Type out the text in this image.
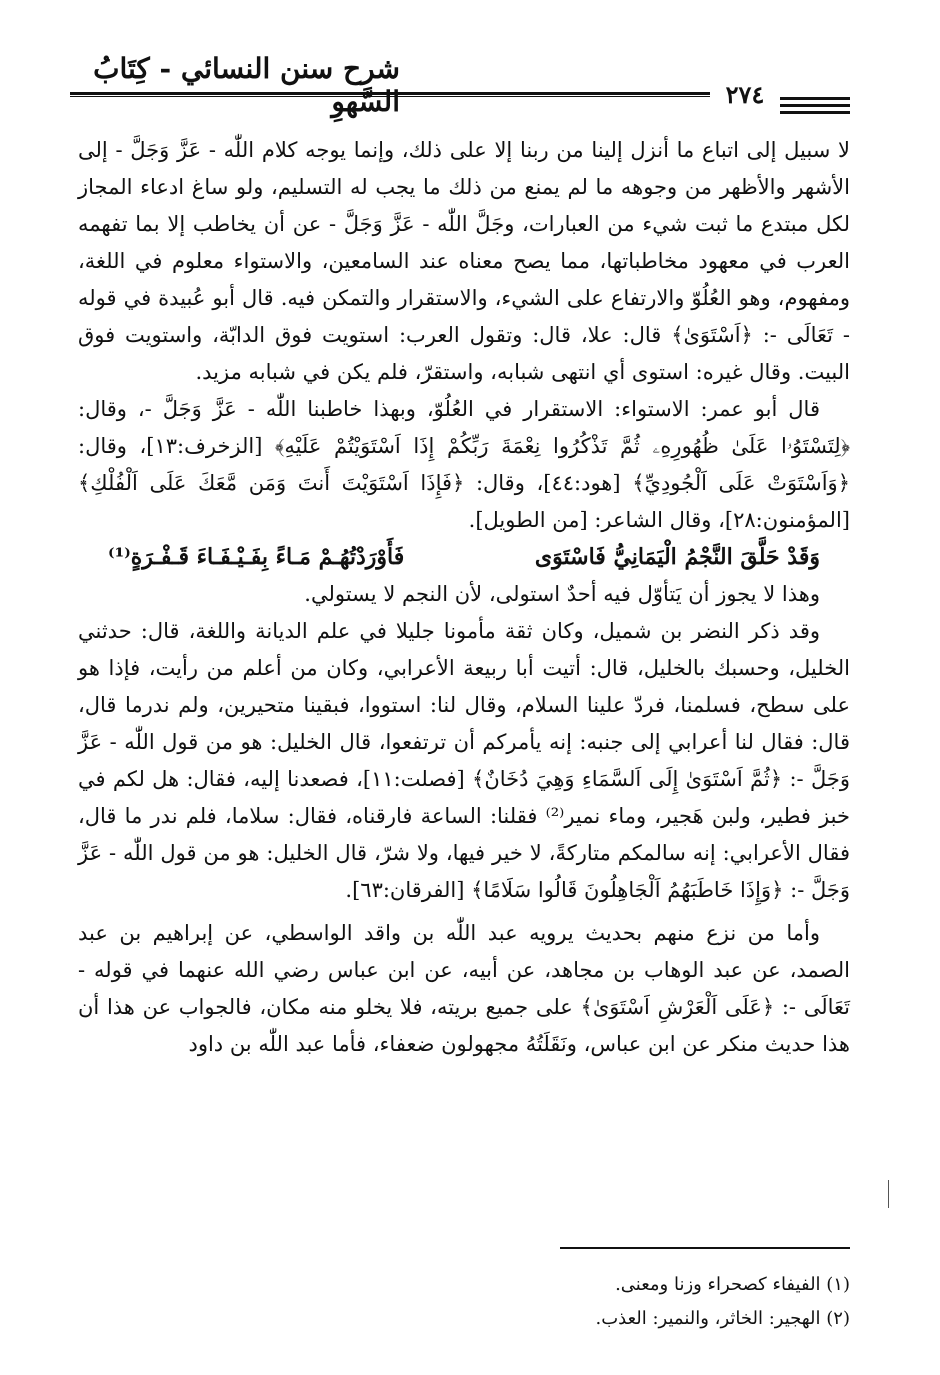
شرح سنن النسائي - كِتَابُ السَّهوِ	٢٧٤

لا سبيل إلى اتباع ما أنزل إلينا من ربنا إلا على ذلك، وإنما يوجه كلام اللّٰه - عَزَّ وَجَلَّ - إلى الأشهر والأظهر من وجوهه ما لم يمنع من ذلك ما يجب له التسليم، ولو ساغ ادعاء المجاز لكل مبتدع ما ثبت شيء من العبارات، وجَلَّ اللّٰه - عَزَّ وَجَلَّ - عن أن يخاطب إلا بما تفهمه العرب في معهود مخاطباتها، مما يصح معناه عند السامعين، والاستواء معلوم في اللغة، ومفهوم، وهو العُلُوّ والارتفاع على الشيء، والاستقرار والتمكن فيه. قال أبو عُبيدة في قوله - تَعَالَى -: ﴿اَسْتَوَىٰ﴾ قال: علا، قال: وتقول العرب: استويت فوق الدابّة، واستويت فوق البيت. وقال غيره: استوى أي انتهى شبابه، واستقرّ، فلم يكن في شبابه مزيد.

قال أبو عمر: الاستواء: الاستقرار في العُلُوّ، وبهذا خاطبنا اللّٰه - عَزَّ وَجَلَّ -، وقال: ﴿لِتَسْتَوُۥا عَلَىٰ ظُهُورِهِۦ ثُمَّ تَذْكُرُوا نِعْمَةَ رَبِّكُمْ إِذَا اَسْتَوَيْتُمْ عَلَيْهِ﴾ [الزخرف:١٣]، وقال: ﴿وَاَسْتَوَتْ عَلَى اَلْجُودِيِّ﴾ [هود:٤٤]، وقال: ﴿فَإِذَا اَسْتَوَيْتَ أَنتَ وَمَن مَّعَكَ عَلَى اَلْفُلْكِ﴾ [المؤمنون:٢٨]، وقال الشاعر: [من الطويل].

فَأَوْرَدْتُهُـمْ مَـاءً بِفَـيْـفَـاءَ قَـفْـرَةٍ⁽¹⁾	وَقَدْ حَلَّقَ النَّجْمُ الْيَمَانِيُّ فَاسْتَوَى

وهذا لا يجوز أن يَتأوّل فيه أحدٌ استولى، لأن النجم لا يستولي.

وقد ذكر النضر بن شميل، وكان ثقة مأمونا جليلا في علم الديانة واللغة، قال: حدثني الخليل، وحسبك بالخليل، قال: أتيت أبا ربيعة الأعرابي، وكان من أعلم من رأيت، فإذا هو على سطح، فسلمنا، فردّ علينا السلام، وقال لنا: استووا، فبقينا متحيرين، ولم ندرما قال، قال: فقال لنا أعرابي إلى جنبه: إنه يأمركم أن ترتفعوا، قال الخليل: هو من قول اللّٰه - عَزَّ وَجَلَّ -: ﴿ثُمَّ اَسْتَوَىٰ إِلَى اَلسَّمَاءِ وَهِيَ دُخَانٌ﴾ [فصلت:١١]، فصعدنا إليه، فقال: هل لكم في خبز فطير، ولبن هَجير، وماء نمير⁽²⁾ فقلنا: الساعة فارقناه، فقال: سلاما، فلم ندر ما قال، فقال الأعرابي: إنه سالمكم متاركةً، لا خير فيها، ولا شرّ، قال الخليل: هو من قول اللّٰه - عَزَّ وَجَلَّ -: ﴿وَإِذَا خَاطَبَهُمُ اَلْجَاهِلُونَ قَالُوا سَلَامًا﴾ [الفرقان:٦٣].

وأما من نزع منهم بحديث يرويه عبد اللّٰه بن واقد الواسطي، عن إبراهيم بن عبد الصمد، عن عبد الوهاب بن مجاهد، عن أبيه، عن ابن عباس رضي الله عنهما في قوله - تَعَالَى -: ﴿عَلَى اَلْعَرْشِ اَسْتَوَىٰ﴾ على جميع بريته، فلا يخلو منه مكان، فالجواب عن هذا أن هذا حديث منكر عن ابن عباس، ونَقَلَتُهُ مجهولون ضعفاء، فأما عبد اللّٰه بن داود

(١) الفيفاء كصحراء وزنا ومعنى.

(٢) الهجير: الخاثر، والنمير: العذب.
